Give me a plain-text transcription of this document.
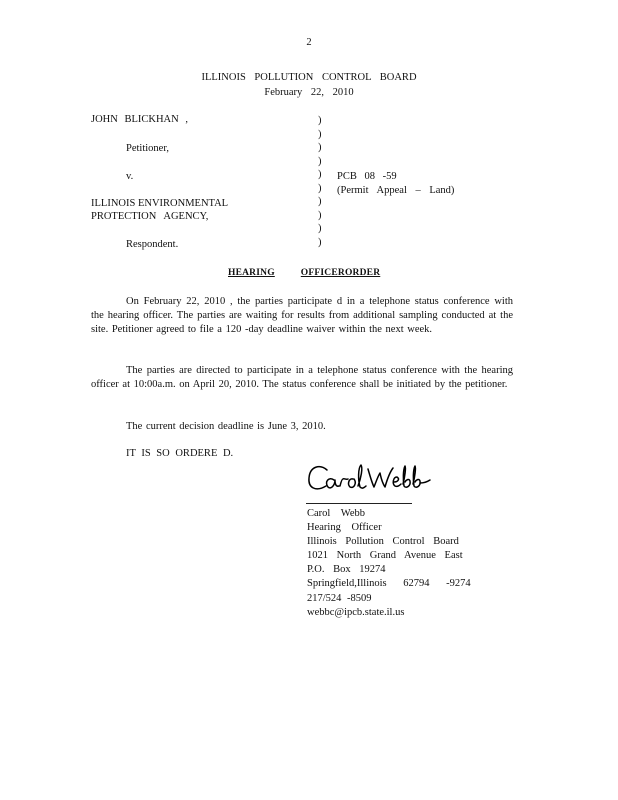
2
ILLINOIS POLLUTION CONTROL BOARD
February 22, 2010
JOHN BLICKHAN ,
Petitioner,
v.
ILLINOIS ENVIRONMENTAL
PROTECTION AGENCY,
Respondent.
)
)
)
)
)
)
)
)
)
)
PCB 08 -59
(Permit Appeal – Land)
HEARING	OFFICERORDER
On February 22, 2010 , the parties participate d in a telephone status conference with the hearing officer. The parties are waiting for results from additional sampling conducted at the site. Petitioner agreed to file a 120 -day deadline waiver within the next week.
The parties are directed to participate in a telephone status conference with the hearing officer at 10:00a.m. on April 20, 2010. The status conference shall be initiated by the petitioner.
The current decision deadline is June 3, 2010.
IT IS SO ORDERE D.
Carol Webb
Hearing Officer
Illinois Pollution Control Board
1021 North Grand Avenue East
P.O. Box 19274
Springfield,Illinois 62794 -9274
217/524 -8509
webbc@ipcb.state.il.us
